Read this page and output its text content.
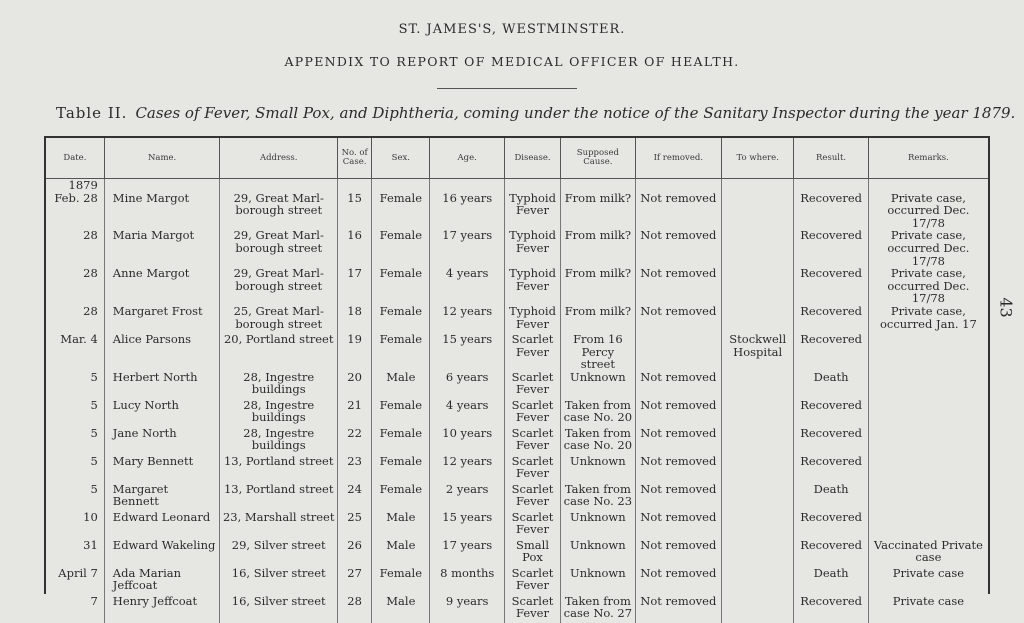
ST. JAMES'S, WESTMINSTER.
APPENDIX TO REPORT OF MEDICAL OFFICER OF HEALTH.
Table II. Cases of Fever, Small Pox, and Diphtheria, coming under the notice of the Sanitary Inspector during the year 1879.
43
Date.	Name.	Address.	No. of Case.	Sex.	Age.	Disease.	Supposed Cause.	If removed.	To where.	Result.	Remarks.
1879											
Feb. 28	Mine Margot	29, Great Marl- borough street	15	Female	16 years	Typhoid Fever	From milk?	Not removed		Recovered	Private case, occurred Dec. 17/78
28	Maria Margot	29, Great Marl- borough street	16	Female	17 years	Typhoid Fever	From milk?	Not removed		Recovered	Private case, occurred Dec. 17/78
28	Anne Margot	29, Great Marl- borough street	17	Female	4 years	Typhoid Fever	From milk?	Not removed		Recovered	Private case, occurred Dec. 17/78
28	Margaret Frost	25, Great Marl- borough street	18	Female	12 years	Typhoid Fever	From milk?	Not removed		Recovered	Private case, occurred Jan. 17
Mar. 4	Alice Parsons	20, Portland street	19	Female	15 years	Scarlet Fever	From 16 Percy street		Stockwell Hospital	Recovered	
5	Herbert North	28, Ingestre buildings	20	Male	6 years	Scarlet Fever	Unknown	Not removed		Death	
5	Lucy North	28, Ingestre buildings	21	Female	4 years	Scarlet Fever	Taken from case No. 20	Not removed		Recovered	
5	Jane North	28, Ingestre buildings	22	Female	10 years	Scarlet Fever	Taken from case No. 20	Not removed		Recovered	
5	Mary Bennett	13, Portland street	23	Female	12 years	Scarlet Fever	Unknown	Not removed		Recovered	
5	Margaret Bennett	13, Portland street	24	Female	2 years	Scarlet Fever	Taken from case No. 23	Not removed		Death	
10	Edward Leonard	23, Marshall street	25	Male	15 years	Scarlet Fever	Unknown	Not removed		Recovered	
31	Edward Wakeling	29, Silver street	26	Male	17 years	Small Pox	Unknown	Not removed		Recovered	Vaccinated Private case
April 7	Ada Marian Jeffcoat	16, Silver street	27	Female	8 months	Scarlet Fever	Unknown	Not removed		Death	Private case
7	Henry Jeffcoat	16, Silver street	28	Male	9 years	Scarlet Fever	Taken from case No. 27	Not removed		Recovered	Private case
